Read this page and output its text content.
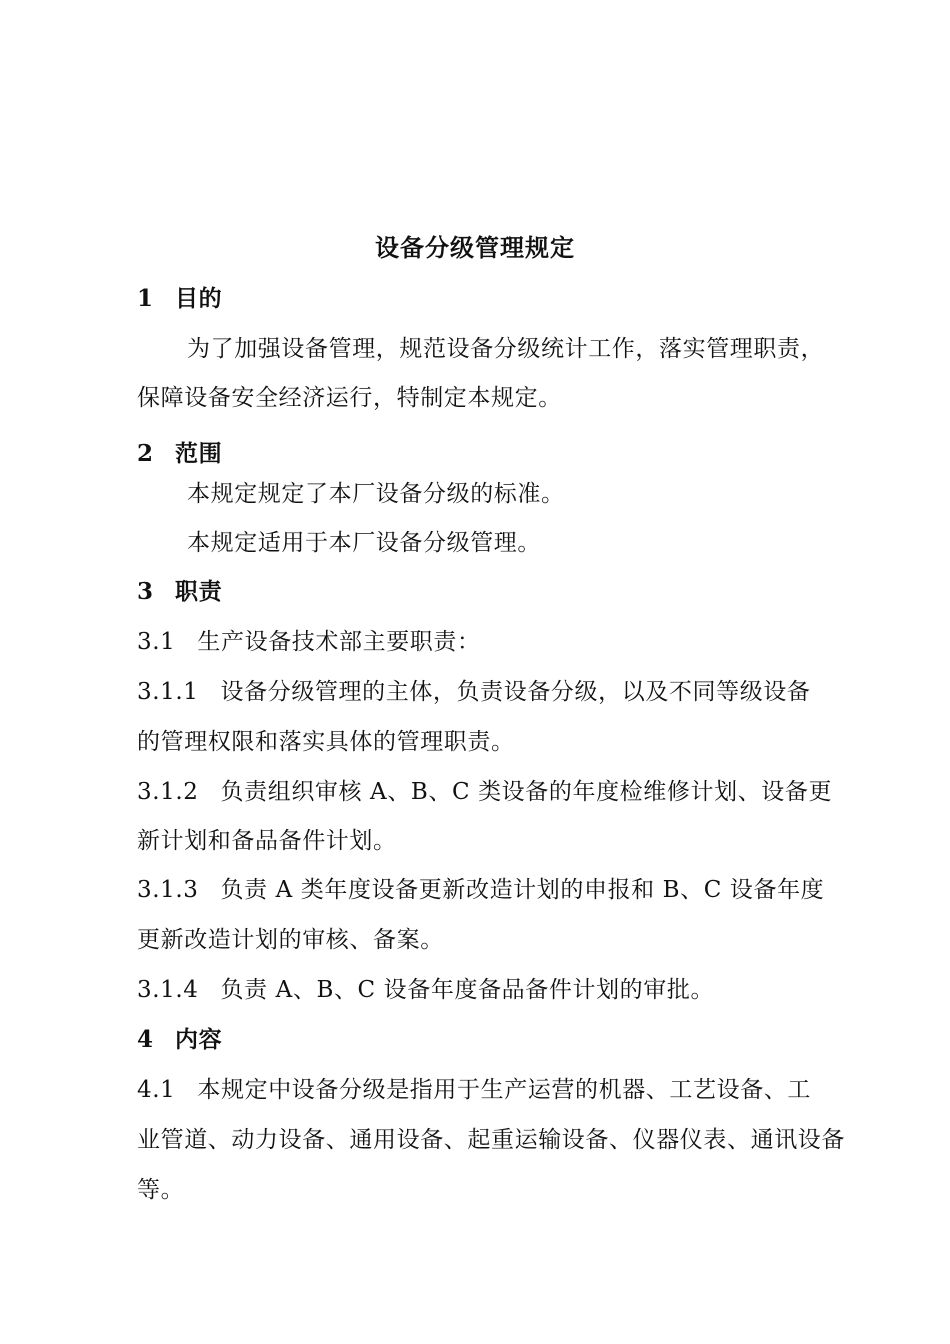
设备分级管理规定
1 目的
为了加强设备管理，规范设备分级统计工作，落实管理职责，
保障设备安全经济运行，特制定本规定。
2 范围
本规定规定了本厂设备分级的标准。
本规定适用于本厂设备分级管理。
3 职责
3.1 生产设备技术部主要职责：
3.1.1 设备分级管理的主体，负责设备分级，以及不同等级设备
的管理权限和落实具体的管理职责。
3.1.2 负责组织审核 A、B、C 类设备的年度检维修计划、设备更
新计划和备品备件计划。
3.1.3 负责 A 类年度设备更新改造计划的申报和 B、C 设备年度
更新改造计划的审核、备案。
3.1.4 负责 A、B、C 设备年度备品备件计划的审批。
4 内容
4.1 本规定中设备分级是指用于生产运营的机器、工艺设备、工
业管道、动力设备、通用设备、起重运输设备、仪器仪表、通讯设备
等。
